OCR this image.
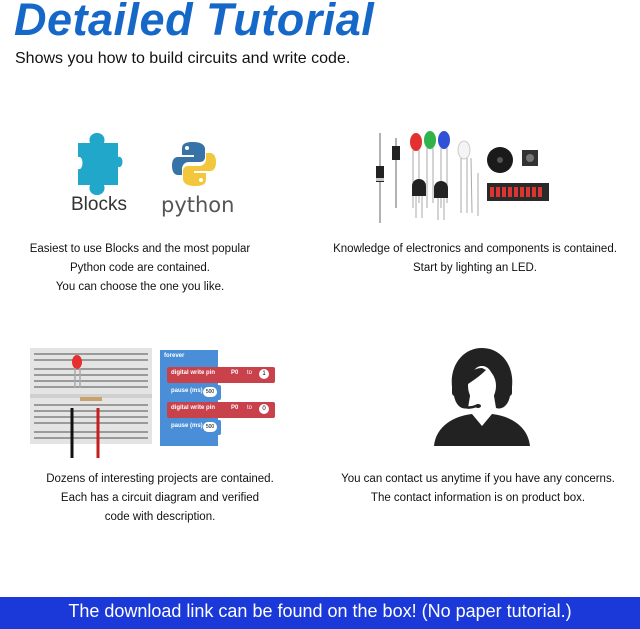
Detailed Tutorial
Shows you how to build circuits and write code.
Blocks python
Easiest to use Blocks and the most popular
Python code are contained.
You can choose the one you like.
Knowledge of electronics and components is contained.
Start by lighting an LED.
forever
digital write pin	P0 to	1
pause (ms) 500
digital write pin	P0 to	0
pause (ms) 500
Dozens of interesting projects are contained.
Each has a circuit diagram and verified
code with description.
You can contact us anytime if you have any concerns.
The contact information is on product box.
The download link can be found on the box! (No paper tutorial.)
